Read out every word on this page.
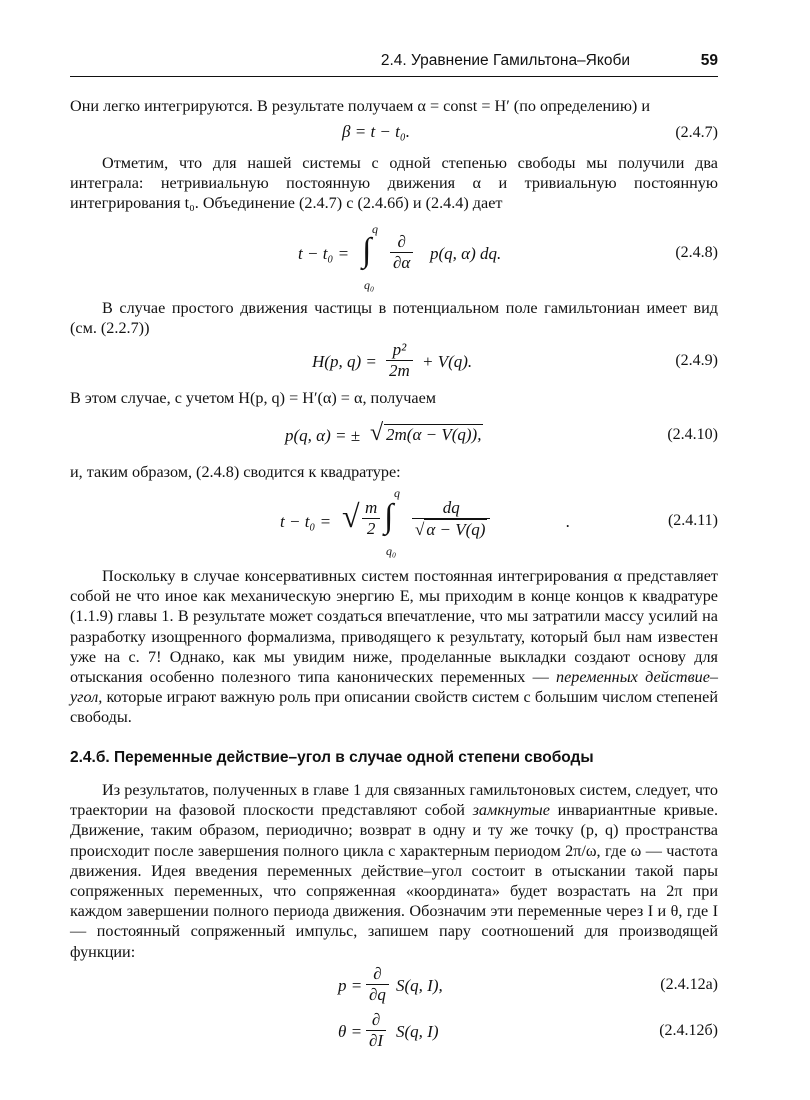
2.4. Уравнение Гамильтона–Якоби	59
Они легко интегрируются. В результате получаем α = const = H′ (по определению) и
β = t − t₀.	(2.4.7)
Отметим, что для нашей системы с одной степенью свободы мы получили два интеграла: нетривиальную постоянную движения α и тривиальную постоянную интегрирования t₀. Объединение (2.4.7) с (2.4.6б) и (2.4.4) дает
t − t₀ =
q
∫
q₀
$\frac{\partial}{\partial\alpha} p(q$, α) dq.	(2.4.8)
В случае простого движения частицы в потенциальном поле гамильтониан имеет вид (см. (2.2.7))
H(p, $q) = \frac{\text{p²}}{2m} + V(q)$.	(2.4.9)
В этом случае, с учетом H(p, q) = H′(α) = α, получаем
p(q, α) = ± √ 2m(α − V(q)),	(2.4.10)
и, таким образом, (2.4.8) сводится к квадратуре:
t − t₀ = √ $\frac{m}{2}$
q
∫
q₀
$\frac{dq}{√ \alpha - V(q)}$	.	(2.4.11)
Поскольку в случае консервативных систем постоянная интегрирования α представляет собой не что иное как механическую энергию E, мы приходим в конце концов к квадратуре (1.1.9) главы 1. В результате может создаться впечатление, что мы затратили массу усилий на разработку изощренного формализма, приводящего к результату, который был нам известен уже на с. 7! Однако, как мы увидим ниже, проделанные выкладки создают основу для отыскания особенно полезного типа канонических переменных — переменных действие–угол, которые играют важную роль при описании свойств систем с большим числом степеней свободы.
2.4.б. Переменные действие–угол в случае одной степени свободы
Из результатов, полученных в главе 1 для связанных гамильтоновых систем, следует, что траектории на фазовой плоскости представляют собой замкнутые инвариантные кривые. Движение, таким образом, периодично; возврат в одну и ту же точку (p, q) пространства происходит после завершения полного цикла с характерным периодом 2π/ω, где ω — частота движения. Идея введения переменных действие–угол состоит в отыскании такой пары сопряженных переменных, что сопряженная «координата» будет возрастать на 2π при каждом завершении полного периода движения. Обозначим эти переменные через I и θ, где I — постоянный сопряженный импульс, запишем пару соотношений для производящей функции:
$p = \frac{\partial}{\partial q} S(q$, I),	(2.4.12а)
$\theta = \frac{\partial}{\partial I} S(q$, I)	(2.4.12б)
